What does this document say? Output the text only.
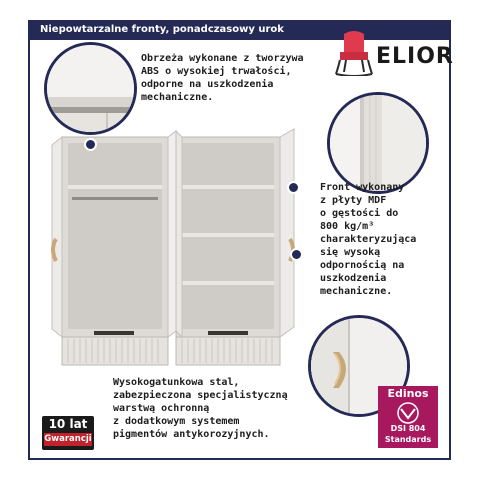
Niepowtarzalne fronty, ponadczasowy urok
ELIOR
Obrzeża wykonane z tworzywa
ABS o wysokiej trwałości,
odporne na uszkodzenia
mechaniczne.
Front wykonany
z płyty MDF
o gęstości do
800 kg/m³
charakteryzująca
się wysoką
odpornością na
uszkodzenia
mechaniczne.
Wysokogatunkowa stal,
zabezpieczona specjalistyczną
warstwą ochronną
z dodatkowym systemem
pigmentów antykorozyjnych.
10 lat
Gwarancji
Edinos
DSI 804
Standards
